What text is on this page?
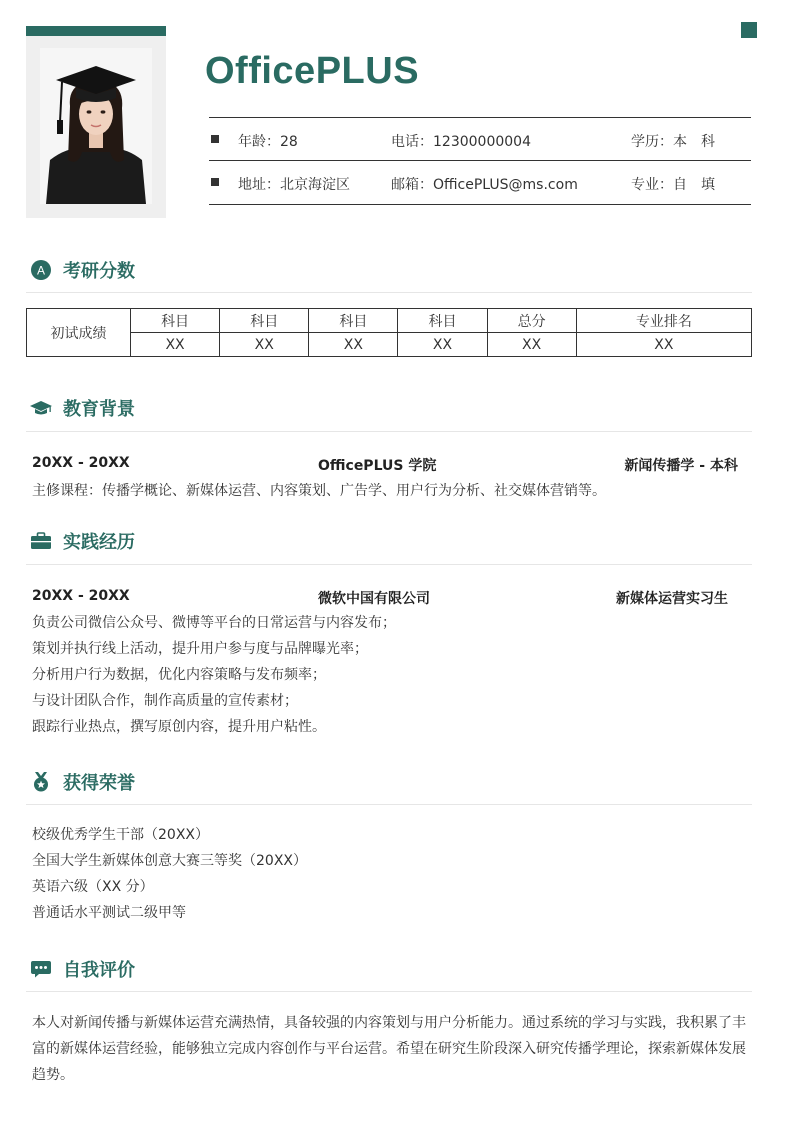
OfficePLUS
年龄：28	电话：12300000004	学历：本　科
地址：北京海淀区	邮箱：OfficePLUS@ms.com	专业：自　填
A 考研分数
初试成绩	科目	科目	科目	科目	总分	专业排名
	XX	XX	XX	XX	XX	XX
教育背景
20XX - 20XX	OfficePLUS 学院	新闻传播学 - 本科
主修课程：传播学概论、新媒体运营、内容策划、广告学、用户行为分析、社交媒体营销等。
实践经历
20XX - 20XX	微软中国有限公司	新媒体运营实习生
负责公司微信公众号、微博等平台的日常运营与内容发布；
策划并执行线上活动，提升用户参与度与品牌曝光率；
分析用户行为数据，优化内容策略与发布频率；
与设计团队合作，制作高质量的宣传素材；
跟踪行业热点，撰写原创内容，提升用户粘性。
获得荣誉
校级优秀学生干部（20XX）
全国大学生新媒体创意大赛三等奖（20XX）
英语六级（XX 分）
普通话水平测试二级甲等
自我评价
本人对新闻传播与新媒体运营充满热情，具备较强的内容策划与用户分析能力。通过系统的学习与实践，我积累了丰
富的新媒体运营经验，能够独立完成内容创作与平台运营。希望在研究生阶段深入研究传播学理论，探索新媒体发展
趋势。
